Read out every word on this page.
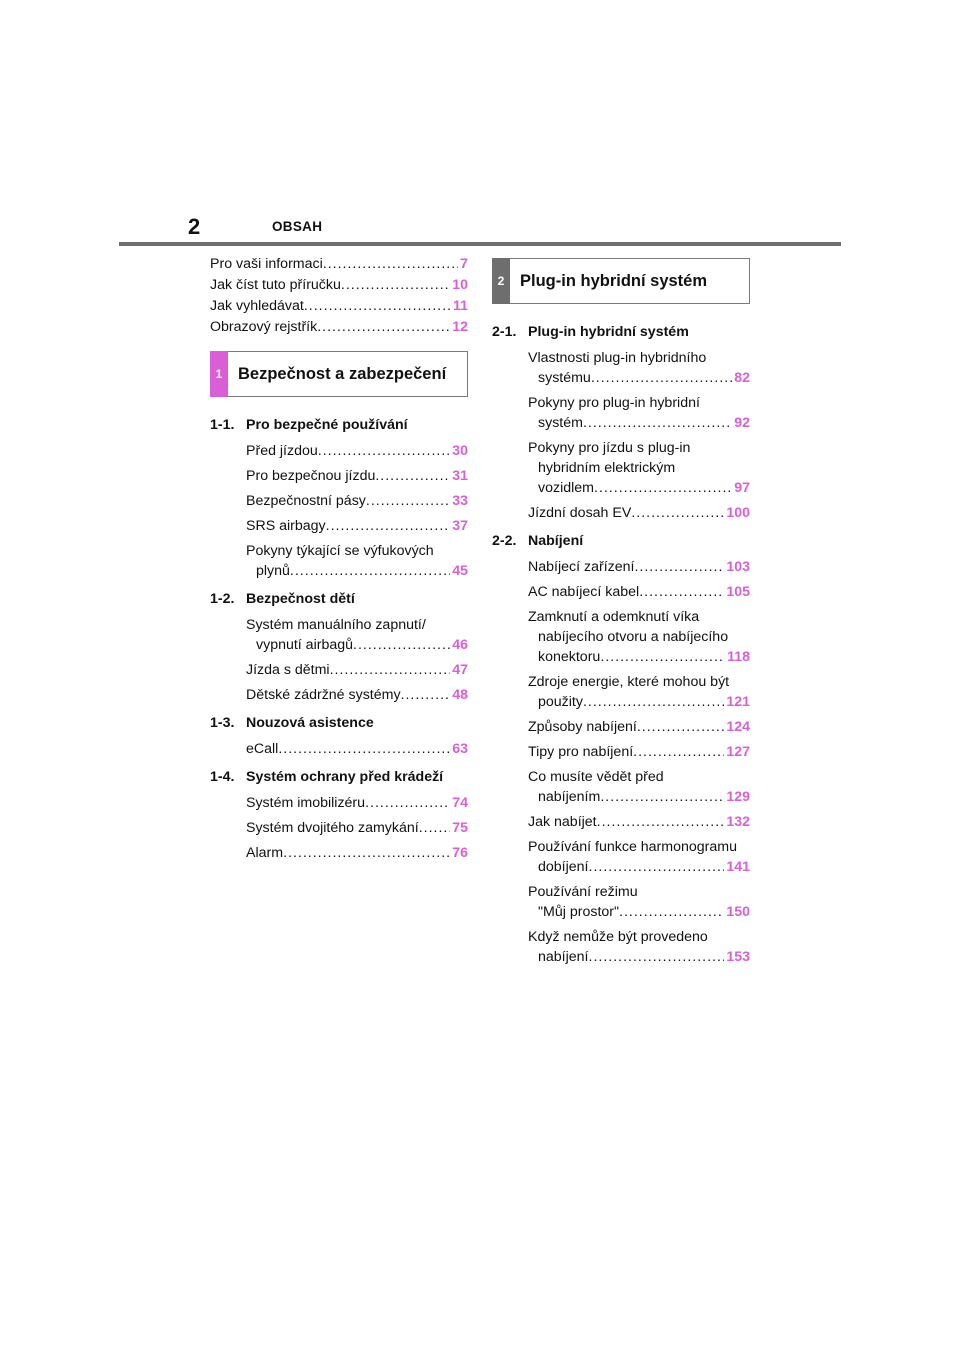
2	OBSAH
Pro vaši informaci .....	7
Jak číst tuto příručku .....	10
Jak vyhledávat .....	11
Obrazový rejstřík .....	12
1 Bezpečnost a zabezpečení
1-1. Pro bezpečné používání
Před jízdou .....	30
Pro bezpečnou jízdu .....	31
Bezpečnostní pásy .....	33
SRS airbagy .....	37
Pokyny týkající se výfukových
plynů .....	45
1-2. Bezpečnost dětí
Systém manuálního zapnutí/
vypnutí airbagů .....	46
Jízda s dětmi .....	47
Dětské zádržné systémy .....	48
1-3. Nouzová asistence
eCall .....	63
1-4. Systém ochrany před krádeží
Systém imobilizéru .....	74
Systém dvojitého zamykání ..... 75
Alarm .....	76
2 Plug-in hybridní systém
2-1. Plug-in hybridní systém
Vlastnosti plug-in hybridního
systému .....	82
Pokyny pro plug-in hybridní
systém .....	92
Pokyny pro jízdu s plug-in
hybridním elektrickým
vozidlem .....	97
Jízdní dosah EV .....	100
2-2. Nabíjení
Nabíjecí zařízení .....	103
AC nabíjecí kabel .....	105
Zamknutí a odemknutí víka
nabíjecího otvoru a nabíjecího
konektoru .....	118
Zdroje energie, které mohou být
použity .....	121
Způsoby nabíjení .....	124
Tipy pro nabíjení .....	127
Co musíte vědět před
nabíjením .....	129
Jak nabíjet .....	132
Používání funkce harmonogramu
dobíjení .....	141
Používání režimu
"Můj prostor" .....	150
Když nemůže být provedeno
nabíjení .....	153
